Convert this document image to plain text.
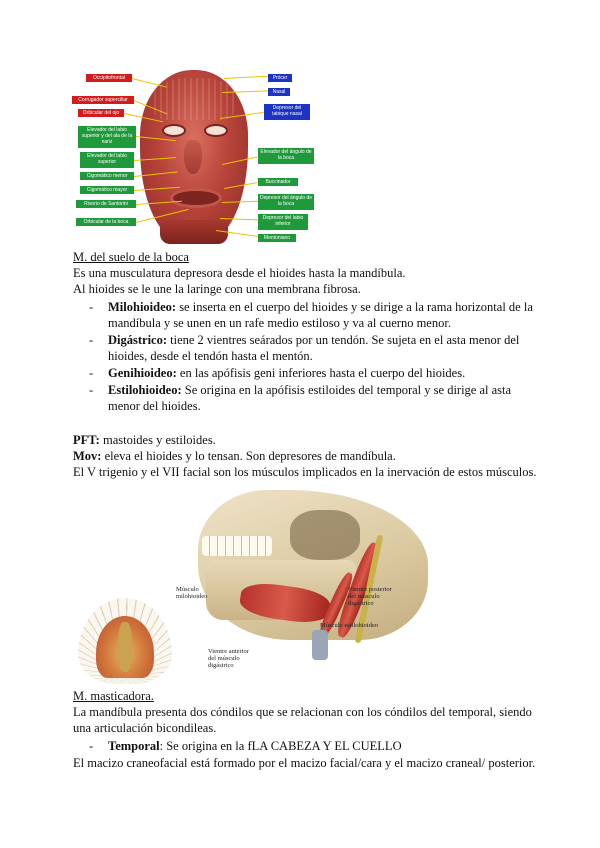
Occipitofrontal
Corrugador superciliar
Orbicular del ojo
Elevador del labio superior y del ala de la nariz
Elevador del labio superior
Cigomático menor
Cigomático mayor
Risorio de Santorini
Orbicular de la boca
Prócer
Nasal
Depresor del tabique nasal
Elevador del ángulo de la boca
Buccinador
Depresor del ángulo de la boca
Depresor del labio inferior
Mentoniano
M. del suelo de la boca
Es una musculatura depresora desde el hioides hasta la mandíbula.
Al hioides se le une la laringe con una membrana fibrosa.
- Milohioideo: se inserta en el cuerpo del hioides y se dirige a la rama horizontal de la
mandíbula y se unen en un rafe medio estiloso y va al cuerno menor.
- Digástrico: tiene 2 vientres seárados por un tendón. Se sujeta en el asta menor del
hioides, desde el tendón hasta el mentón.
- Genihioideo: en las apófisis geni inferiores hasta el cuerpo del hioides.
- Estilohioideo: Se origina en la apófisis estiloides del temporal y se dirige al asta
menor del hioides.
PFT: mastoides y estiloides.
Mov: eleva el hioides y lo tensan. Son depresores de mandíbula.
El V trigenio y el VII facial son los músculos implicados en la inervación de estos músculos.
Músculo
milohioideo
Vientre posterior
del músculo
digástrico
Músculo estilohioideo
Vientre anterior
del músculo
digástrico
M. masticadora.
La mandíbula presenta dos cóndilos que se relacionan con los cóndilos del temporal, siendo
una articulación bicondileas.
- Temporal: Se origina en la fLA CABEZA Y EL CUELLO
El macizo craneofacial está formado por el macizo facial/cara y el macizo craneal/ posterior.
